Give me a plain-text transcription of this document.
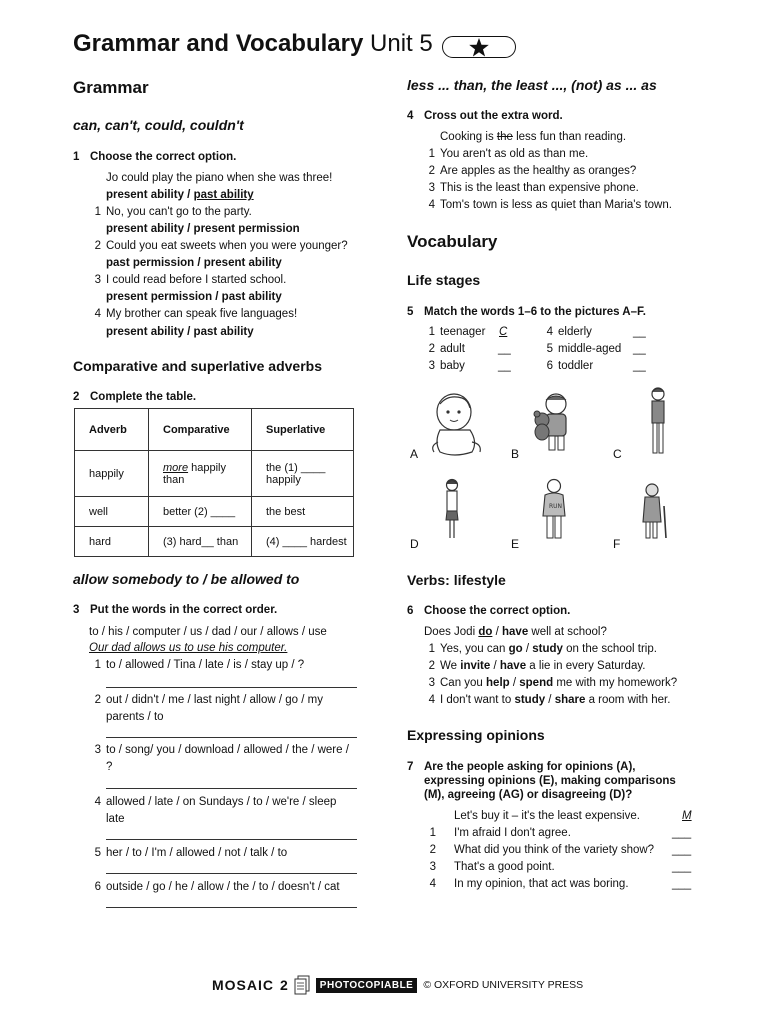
Grammar and Vocabulary Unit 5
Grammar
can, can't, could, couldn't
1 Choose the correct option.
Jo could play the piano when she was three!
present ability / past ability
1 No, you can't go to the party.
present ability / present permission
2 Could you eat sweets when you were younger?
past permission / present ability
3 I could read before I started school.
present permission / past ability
4 My brother can speak five languages!
present ability / past ability
Comparative and superlative adverbs
2 Complete the table.
Adverb	Comparative	Superlative
happily	more happily than	the (1) ____
happily
well	better (2) ____	the best
hard	(3) hard__ than	(4) ____ hardest
allow somebody to / be allowed to
3 Put the words in the correct order.
to / his / computer / us / dad / our / allows / use
Our dad allows us to use his computer.
1 to / allowed / Tina / late / is / stay up / ?
2 out / didn't / me / last night / allow / go / my
parents / to
3 to / song/ you / download / allowed / the / were /
?
4 allowed / late / on Sundays / to / we're / sleep
late
5 her / to / I'm / allowed / not / talk / to
6 outside / go / he / allow / the / to / doesn't / cat
less ... than, the least ..., (not) as ... as
4 Cross out the extra word.
Cooking is the less fun than reading.
1 You aren't as old as than me.
2 Are apples as the healthy as oranges?
3 This is the least than expensive phone.
4 Tom's town is less as quiet than Maria's town.
Vocabulary
Life stages
5 Match the words 1–6 to the pictures A–F.
1 teenager C
2 adult	__
3 baby	__
4 elderly	__
5 middle-aged __
6 toddler	__
A	B	C
D	E	F
RUN
Verbs: lifestyle
6 Choose the correct option.
Does Jodi do / have well at school?
1 Yes, you can go / study on the school trip.
2 We invite / have a lie in every Saturday.
3 Can you help / spend me with my homework?
4 I don't want to study / share a room with her.
Expressing opinions
7 Are the people asking for opinions (A),
expressing opinions (E), making comparisons
(M), agreeing (AG) or disagreeing (D)?
Let's buy it – it's the least expensive.	M
1 I'm afraid I don't agree.	___
2 What did you think of the variety show? ___
3 That's a good point.	___
4 In my opinion, that act was boring.	___
MOSAIC 2	PHOTOCOPIABLE © OXFORD UNIVERSITY PRESS
